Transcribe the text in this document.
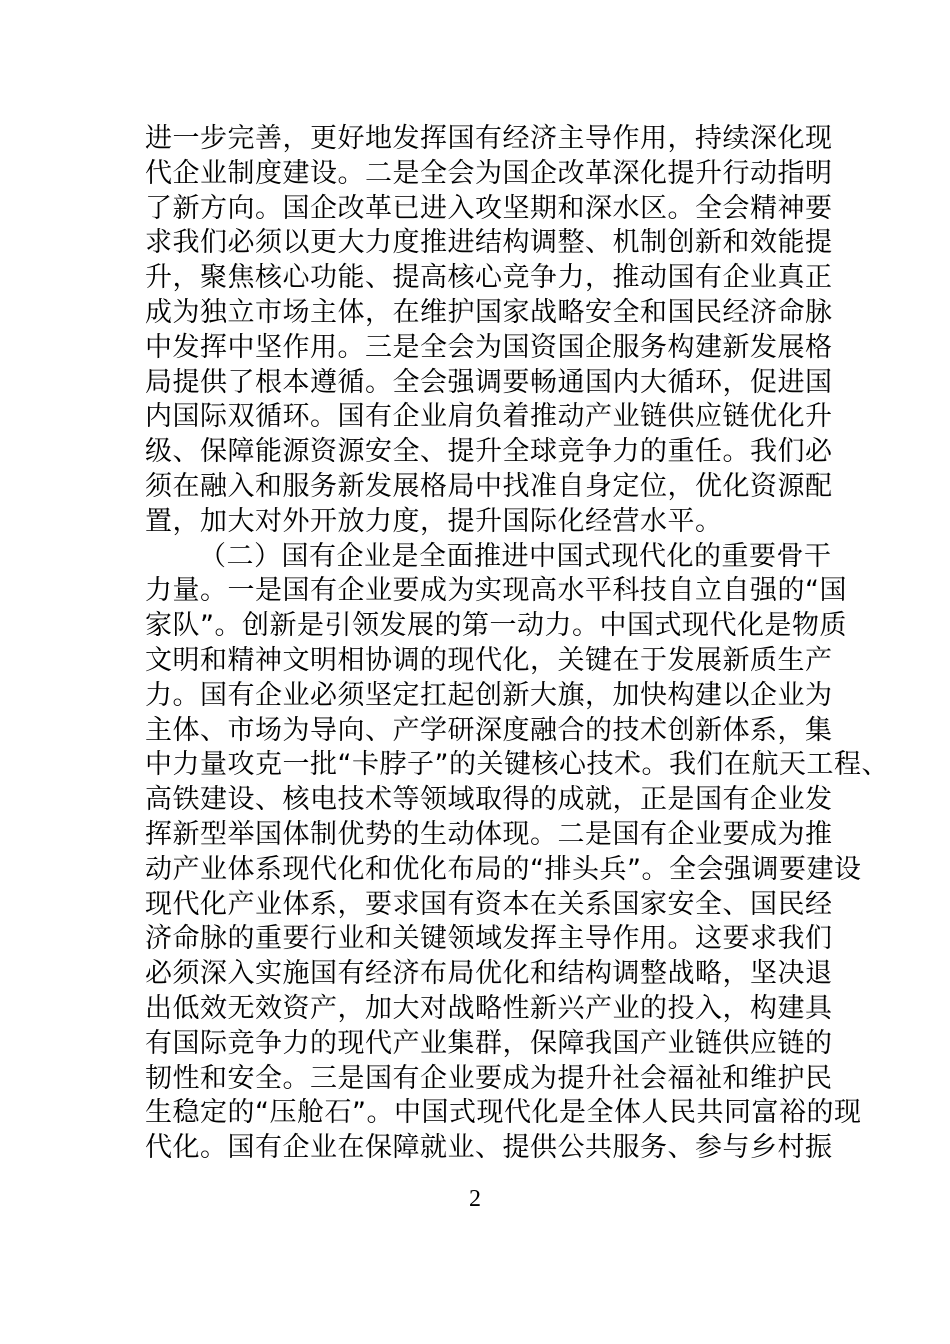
进一步完善，更好地发挥国有经济主导作用，持续深化现
代企业制度建设。二是全会为国企改革深化提升行动指明
了新方向。国企改革已进入攻坚期和深水区。全会精神要
求我们必须以更大力度推进结构调整、机制创新和效能提
升，聚焦核心功能、提高核心竞争力，推动国有企业真正
成为独立市场主体，在维护国家战略安全和国民经济命脉
中发挥中坚作用。三是全会为国资国企服务构建新发展格
局提供了根本遵循。全会强调要畅通国内大循环，促进国
内国际双循环。国有企业肩负着推动产业链供应链优化升
级、保障能源资源安全、提升全球竞争力的重任。我们必
须在融入和服务新发展格局中找准自身定位，优化资源配
置，加大对外开放力度，提升国际化经营水平。
（二）国有企业是全面推进中国式现代化的重要骨干
力量。一是国有企业要成为实现高水平科技自立自强的“国
家队”。创新是引领发展的第一动力。中国式现代化是物质
文明和精神文明相协调的现代化，关键在于发展新质生产
力。国有企业必须坚定扛起创新大旗，加快构建以企业为
主体、市场为导向、产学研深度融合的技术创新体系，集
中力量攻克一批“卡脖子”的关键核心技术。我们在航天工程、
高铁建设、核电技术等领域取得的成就，正是国有企业发
挥新型举国体制优势的生动体现。二是国有企业要成为推
动产业体系现代化和优化布局的“排头兵”。全会强调要建设
现代化产业体系，要求国有资本在关系国家安全、国民经
济命脉的重要行业和关键领域发挥主导作用。这要求我们
必须深入实施国有经济布局优化和结构调整战略，坚决退
出低效无效资产，加大对战略性新兴产业的投入，构建具
有国际竞争力的现代产业集群，保障我国产业链供应链的
韧性和安全。三是国有企业要成为提升社会福祉和维护民
生稳定的“压舱石”。中国式现代化是全体人民共同富裕的现
代化。国有企业在保障就业、提供公共服务、参与乡村振
2
